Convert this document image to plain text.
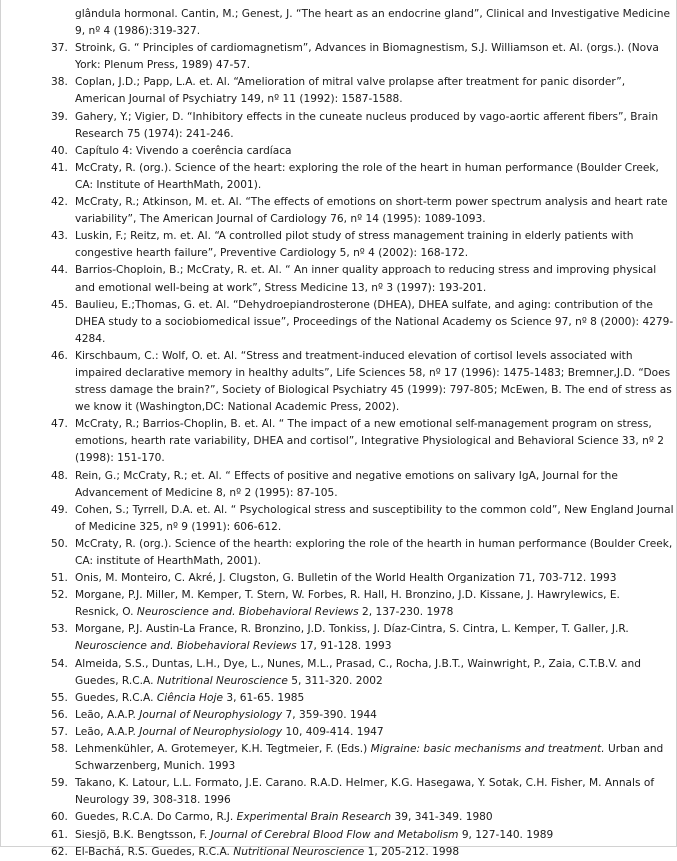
glândula hormonal. Cantin, M.; Genest, J. “The heart as an endocrine gland”, Clinical and Investigative Medicine
9, nº 4 (1986):319-327.
37. Stroink, G. “ Principles of cardiomagnetism”, Advances in Biomagnestism, S.J. Williamson et. Al. (orgs.). (Nova
York: Plenum Press, 1989) 47-57.
38. Coplan, J.D.; Papp, L.A. et. Al. “Amelioration of mitral valve prolapse after treatment for panic disorder”,
American Journal of Psychiatry 149, nº 11 (1992): 1587-1588.
39. Gahery, Y.; Vigier, D. “Inhibitory effects in the cuneate nucleus produced by vago-aortic afferent fibers”, Brain
Research 75 (1974): 241-246.
40. Capítulo 4: Vivendo a coerência cardíaca
41. McCraty, R. (org.). Science of the heart: exploring the role of the heart in human performance (Boulder Creek,
CA: Institute of HearthMath, 2001).
42. McCraty, R.; Atkinson, M. et. Al. “The effects of emotions on short-term power spectrum analysis and heart rate
variability”, The American Journal of Cardiology 76, nº 14 (1995): 1089-1093.
43. Luskin, F.; Reitz, m. et. Al. “A controlled pilot study of stress management training in elderly patients with
congestive hearth failure”, Preventive Cardiology 5, nº 4 (2002): 168-172.
44. Barrios-Choploin, B.; McCraty, R. et. Al. “ An inner quality approach to reducing stress and improving physical
and emotional well-being at work”, Stress Medicine 13, nº 3 (1997): 193-201.
45. Baulieu, E.;Thomas, G. et. Al. “Dehydroepiandrosterone (DHEA), DHEA sulfate, and aging: contribution of the
DHEA study to a sociobiomedical issue”, Proceedings of the National Academy os Science 97, nº 8 (2000): 4279-
4284.
46. Kirschbaum, C.: Wolf, O. et. Al. “Stress and treatment-induced elevation of cortisol levels associated with
impaired declarative memory in healthy adults”, Life Sciences 58, nº 17 (1996): 1475-1483; Bremner,J.D. “Does
stress damage the brain?”, Society of Biological Psychiatry 45 (1999): 797-805; McEwen, B. The end of stress as
we know it (Washington,DC: National Academic Press, 2002).
47. McCraty, R.; Barrios-Choplin, B. et. Al. “ The impact of a new emotional self-management program on stress,
emotions, hearth rate variability, DHEA and cortisol”, Integrative Physiological and Behavioral Science 33, nº 2
(1998): 151-170.
48. Rein, G.; McCraty, R.; et. Al. “ Effects of positive and negative emotions on salivary IgA, Journal for the
Advancement of Medicine 8, nº 2 (1995): 87-105.
49. Cohen, S.; Tyrrell, D.A. et. Al. “ Psychological stress and susceptibility to the common cold”, New England Journal
of Medicine 325, nº 9 (1991): 606-612.
50. McCraty, R. (org.). Science of the hearth: exploring the role of the hearth in human performance (Boulder Creek,
CA: institute of HearthMath, 2001).
51. Onis, M. Monteiro, C. Akré, J. Clugston, G. Bulletin of the World Health Organization 71, 703-712. 1993
52. Morgane, P.J. Miller, M. Kemper, T. Stern, W. Forbes, R. Hall, H. Bronzino, J.D. Kissane, J. Hawrylewics, E.
Resnick, O. Neuroscience and. Biobehavioral Reviews 2, 137-230. 1978
53. Morgane, P.J. Austin-La France, R. Bronzino, J.D. Tonkiss, J. Díaz-Cintra, S. Cintra, L. Kemper, T. Galler, J.R.
Neuroscience and. Biobehavioral Reviews 17, 91-128. 1993
54. Almeida, S.S., Duntas, L.H., Dye, L., Nunes, M.L., Prasad, C., Rocha, J.B.T., Wainwright, P., Zaia, C.T.B.V. and
Guedes, R.C.A. Nutritional Neuroscience 5, 311-320. 2002
55. Guedes, R.C.A. Ciência Hoje 3, 61-65. 1985
56. Leão, A.A.P. Journal of Neurophysiology 7, 359-390. 1944
57. Leão, A.A.P. Journal of Neurophysiology 10, 409-414. 1947
58. Lehmenkühler, A. Grotemeyer, K.H. Tegtmeier, F. (Eds.) Migraine: basic mechanisms and treatment. Urban and
Schwarzenberg, Munich. 1993
59. Takano, K. Latour, L.L. Formato, J.E. Carano. R.A.D. Helmer, K.G. Hasegawa, Y. Sotak, C.H. Fisher, M. Annals of
Neurology 39, 308-318. 1996
60. Guedes, R.C.A. Do Carmo, R.J. Experimental Brain Research 39, 341-349. 1980
61. Siesjö, B.K. Bengtsson, F. Journal of Cerebral Blood Flow and Metabolism 9, 127-140. 1989
62. El-Bachá, R.S. Guedes, R.C.A. Nutritional Neuroscience 1, 205-212. 1998
